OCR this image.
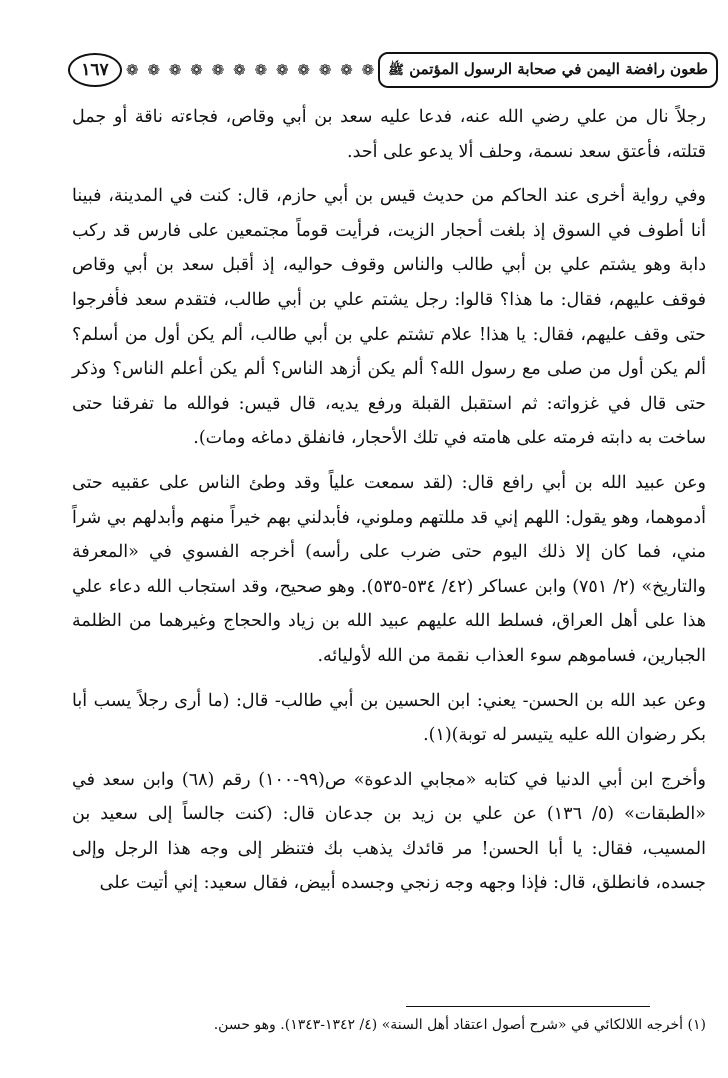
طعون رافضة اليمن في صحابة الرسول المؤتمن ﷺ
❁
❁
❁
❁
❁
❁
❁
❁
❁
❁
❁
❁
١٦٧

رجلاً نال من علي رضي الله عنه، فدعا عليه سعد بن أبي وقاص، فجاءته ناقة أو جمل قتلته، فأعتق سعد نسمة، وحلف ألا يدعو على أحد.

وفي رواية أخرى عند الحاكم من حديث قيس بن أبي حازم، قال: كنت في المدينة، فبينا أنا أطوف في السوق إذ بلغت أحجار الزيت، فرأيت قوماً مجتمعين على فارس قد ركب دابة وهو يشتم علي بن أبي طالب والناس وقوف حواليه، إذ أقبل سعد بن أبي وقاص فوقف عليهم، فقال: ما هذا؟ قالوا: رجل يشتم علي بن أبي طالب، فتقدم سعد فأفرجوا حتى وقف عليهم، فقال: يا هذا! علام تشتم علي بن أبي طالب، ألم يكن أول من أسلم؟ ألم يكن أول من صلى مع رسول الله؟ ألم يكن أزهد الناس؟ ألم يكن أعلم الناس؟ وذكر حتى قال في غزواته: ثم استقبل القبلة ورفع يديه، قال قيس: فوالله ما تفرقنا حتى ساخت به دابته فرمته على هامته في تلك الأحجار، فانفلق دماغه ومات).

وعن عبيد الله بن أبي رافع قال: (لقد سمعت علياً وقد وطئ الناس على عقبيه حتى أدموهما، وهو يقول: اللهم إني قد مللتهم وملوني، فأبدلني بهم خيراً منهم وأبدلهم بي شراً مني، فما كان إلا ذلك اليوم حتى ضرب على رأسه) أخرجه الفسوي في «المعرفة والتاريخ» (٢/ ٧٥١) وابن عساكر (٤٢/ ٥٣٤-٥٣٥). وهو صحيح، وقد استجاب الله دعاء علي هذا على أهل العراق، فسلط الله عليهم عبيد الله بن زياد والحجاج وغيرهما من الظلمة الجبارين، فساموهم سوء العذاب نقمة من الله لأوليائه.

وعن عبد الله بن الحسن- يعني: ابن الحسين بن أبي طالب- قال: (ما أرى رجلاً يسب أبا بكر رضوان الله عليه يتيسر له توبة)(١).

وأخرج ابن أبي الدنيا في كتابه «مجابي الدعوة» ص(٩٩-١٠٠) رقم (٦٨) وابن سعد في «الطبقات» (٥/ ١٣٦) عن علي بن زيد بن جدعان قال: (كنت جالساً إلى سعيد بن المسيب، فقال: يا أبا الحسن! مر قائدك يذهب بك فتنظر إلى وجه هذا الرجل وإلى جسده، فانطلق، قال: فإذا وجهه وجه زنجي وجسده أبيض، فقال سعيد: إني أتيت على

(١) أخرجه اللالكائي في «شرح أصول اعتقاد أهل السنة» (٤/ ١٣٤٢-١٣٤٣). وهو حسن.
